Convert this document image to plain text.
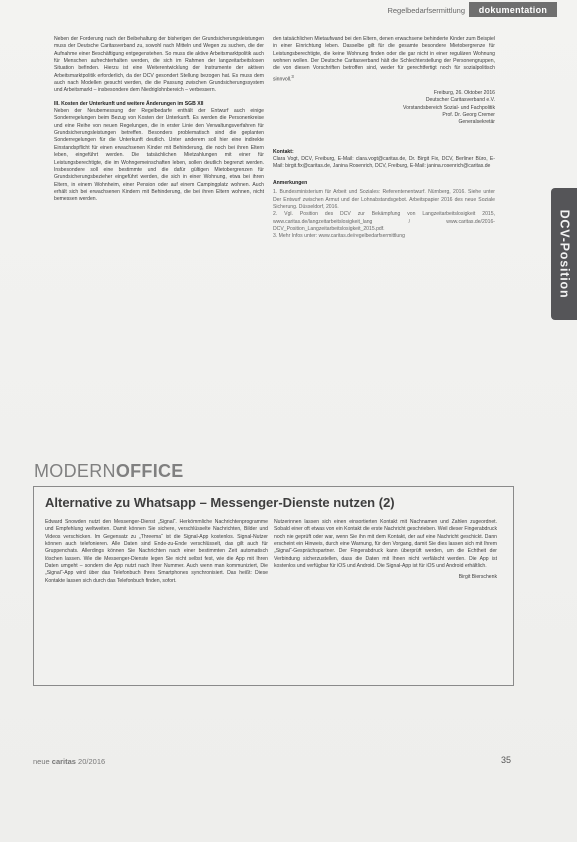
Regelbedarfsermittlung	dokumentation

Neben der Forderung nach der Beibehaltung der bisherigen der Grundsicherungsleistungen muss der Deutsche Caritasverband zu, sowohl nach Mitteln und Wegen zu suchen, die der Aufnahme einer Beschäftigung entgegenstehen. So muss die aktive Arbeitsmarktpolitik auch für Menschen aufrechterhalten werden, die sich im Rahmen der langzeitarbeitslosen Situation befinden. Hierzu ist eine Weiterentwicklung der Instrumente der aktiven Arbeitsmarktpolitik erforderlich, da der DCV gesondert Stellung bezogen hat. Es muss dem auch nach Modellen gesucht werden, die die Passung zwischen Grundsicherungssystem und Arbeitsmarkt – insbesondere dem Niedriglohnbereich – verbessern.

III. Kosten der Unterkunft und weitere Änderungen im SGB XII

Neben der Neubemessung der Regelbedarfe enthält der Entwurf auch einige Sonderregelungen beim Bezug von Kosten der Unterkunft. Es werden die Personenkreise und eine Reihe von neuen Regelungen, die in erster Linie den Verwaltungsverfahren für Grundsicherungsleistungen betreffen. Besonders problematisch sind die geplanten Sonderregelungen für die Unterkunft deutlich. Unter anderem soll hier eine indirekte Einstandspflicht für einen erwachsenen Kinder mit Behinderung, die noch bei ihren Eltern leben, eingeführt werden. Die tatsächlichen Mietzahlungen mit einer für Leistungsberechtigte, die im Wohngemeinschaften leben, sollen deutlich begrenzt werden. Insbesondere soll eine bestimmte und die dafür gültigen Mietobergrenzen für Grundsicherungsbezieher eingeführt werden, die sich in einer Wohnung, etwa bei ihren Eltern, in einem Wohnheim, einer Pension oder auf einem Campingplatz wohnen. Auch erhält sich bei erwachsenen Kindern mit Behinderung, die bei ihren Eltern wohnen, nicht bemessen werden.

den tatsächlichen Mietaufwand bei den Eltern, denen erwachsene behinderte Kinder zum Beispiel in einer Einrichtung leben. Dasselbe gilt für die gesamte besondere Mietobergrenze für Leistungsberechtigte, die keine Wohnung finden oder die gar nicht in einer regulären Wohnung wohnen wollen. Der Deutsche Caritasverband hält die Schlechterstellung der Personengruppen, die von diesen Vorschriften betroffen sind, weder für gerechtfertigt noch für sozialpolitisch sinnvoll.$^3$

Freiburg, 26. Oktober 2016
Deutscher Caritasverband e.V.
Vorstandsbereich Sozial- und Fachpolitik
Prof. Dr. Georg Cremer
Generalsekretär

Kontakt:

Clara Vogt, DCV, Freiburg, E-Mail: clara.vogt@caritas.de, Dr. Birgit Fix, DCV, Berliner Büro, E-Mail: birgit.fix@caritas.de, Janina Rosenrich, DCV, Freiburg, E-Mail: janina.rosenrich@caritas.de

Anmerkungen

1. Bundesministerium für Arbeit und Soziales: Referentenentwurf. Nürnberg, 2016. Siehe unter Der Entwurf zwischen Armut und der Lohnabstandsgebot. Arbeitspapier 2016 des neue Soziale Sicherung. Düsseldorf, 2016.

2. Vgl. Position des DCV zur Bekämpfung von Langzeitarbeitslosigkeit 2015, www.caritas.de/langzeitarbeitslosigkeit_lang / www.caritas.de/2016-DCV_Position_Langzeitarbeitslosigkeit_2015.pdf.

3. Mehr Infos unter: www.caritas.de/regelbedarfsermittlung	DCV-Position
MODERNOFFICE
Alternative zu Whatsapp – Messenger-Dienste nutzen (2)

Edward Snowden nutzt den Messenger-Dienst „Signal“. Herkömmliche Nachrichtenprogramme und Empfehlung weltweiten. Damit können Sie sichere, verschlüsselte Nachrichten, Bilder und Videos verschicken. Im Gegensatz zu „Threema“ ist die Signal-App kostenlos. Signal-Nutzer können auch telefonieren. Alle Daten sind Ende-zu-Ende verschlüsselt, das gilt auch für Gruppenchats. Allerdings können Sie Nachrichten nach einer bestimmten Zeit automatisch löschen lassen. Wie die Messenger-Dienste legen Sie nicht selbst fest, wie die App mit Ihren Daten umgeht – sondern die App nutzt nach Ihrer Nummer. Auch wenn man kommuniziert, Die „Signal“-App wird über das Telefonbuch Ihres Smartphones synchronisiert. Das heißt: Diese Kontakte lassen sich durch das Telefonbuch finden, sofort.

Nutzerinnen lassen sich einen einsortierten Kontakt mit Nachnamen und Zahlen zugeordnet. Sobald einer oft etwas von ein Kontakt die erste Nachricht geschrieben. Weil dieser Fingerabdruck noch nie geprüft oder war, wenn Sie ihn mit dem Kontakt, der auf eine Nachricht geschickt. Dann erscheint ein Hinweis, durch eine Warnung, für den Vorgang, damit Sie dies lassen sich mit Ihrem „Signal“-Gesprächspartner. Der Fingerabdruck kann überprüft werden, um die Echtheit der Verbindung sicherzustellen, dass die Daten mit Ihnen nicht verfälscht werden. Die App ist kostenlos und verfügbar für iOS und Android. Die Signal-App ist für iOS und Android erhältlich.

Birgit Bierschenk

neue caritas 20/2016	35
